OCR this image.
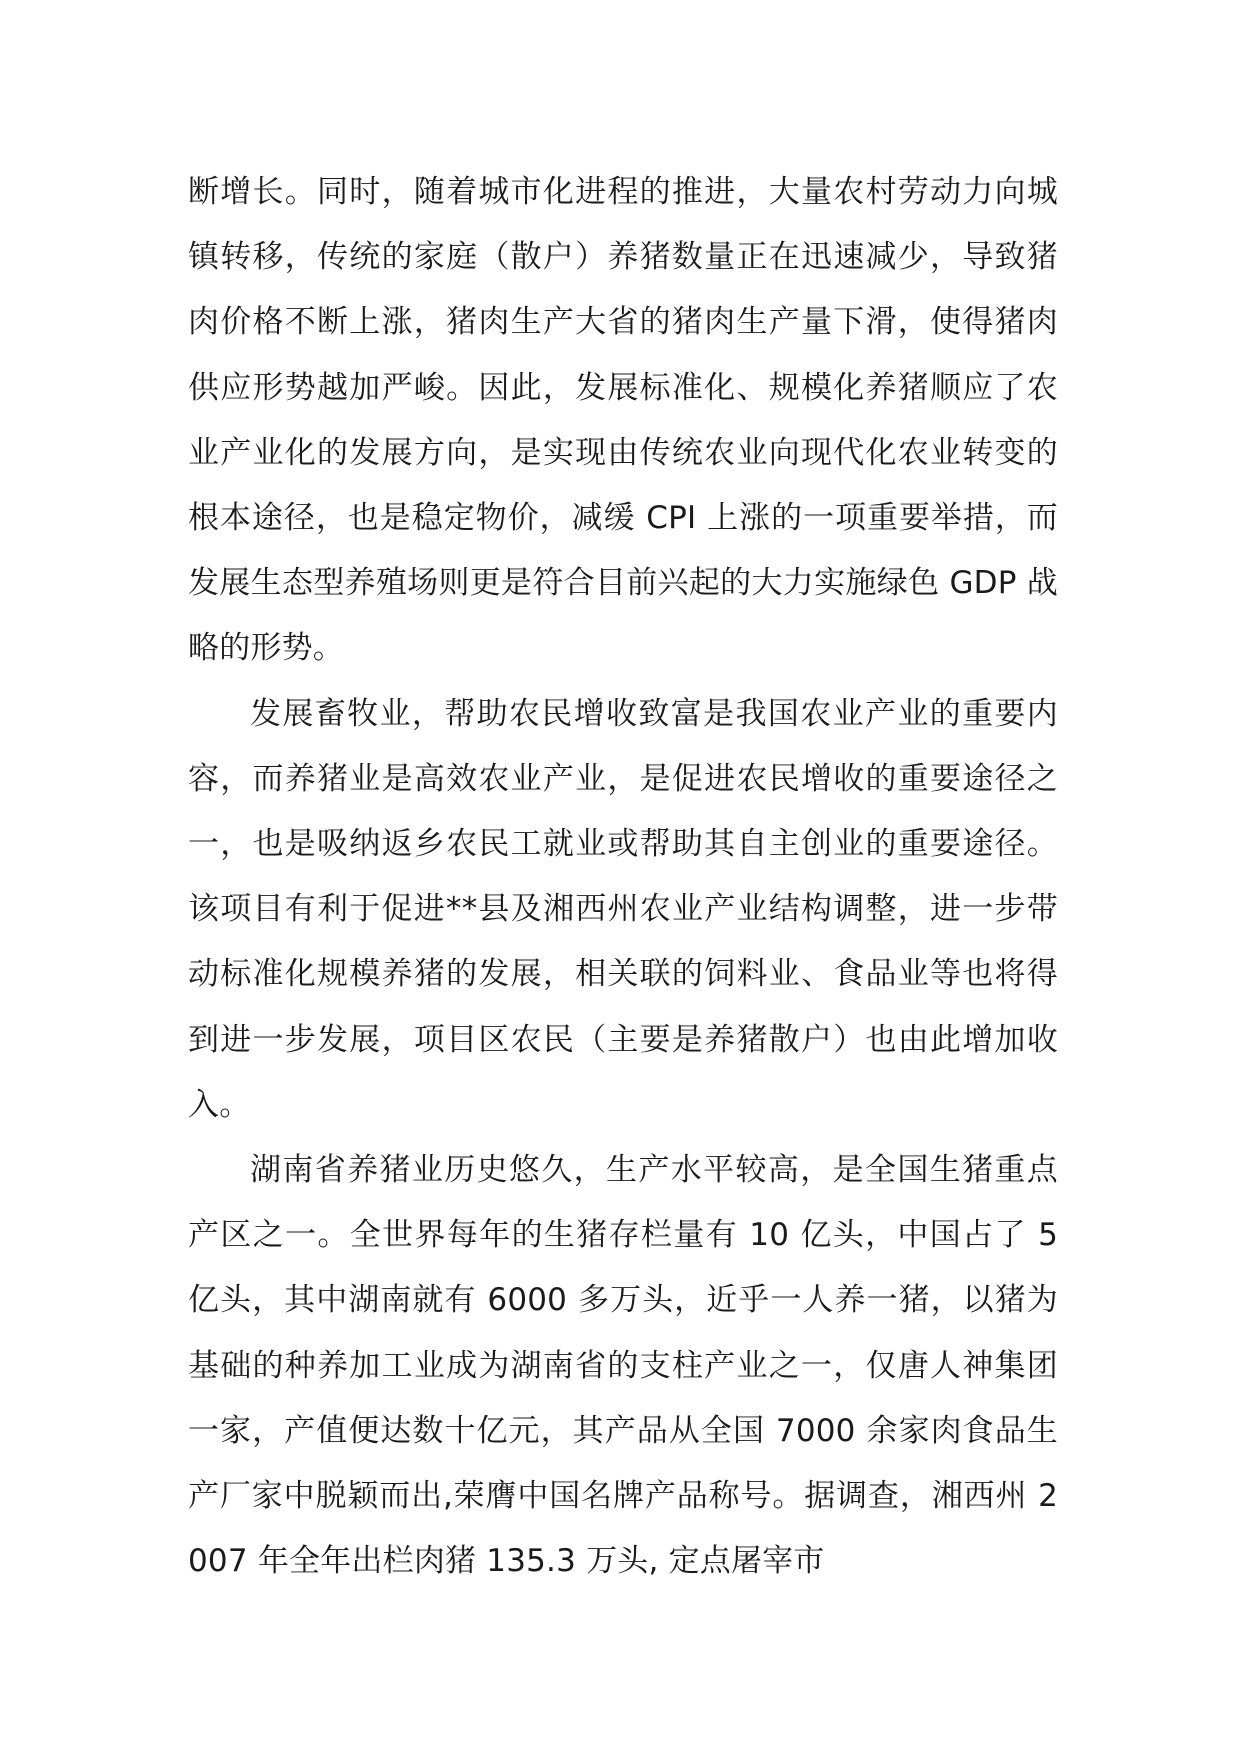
断增长。同时，随着城市化进程的推进，大量农村劳动力向城镇转移，传统的家庭（散户）养猪数量正在迅速减少，导致猪肉价格不断上涨，猪肉生产大省的猪肉生产量下滑，使得猪肉供应形势越加严峻。因此，发展标准化、规模化养猪顺应了农业产业化的发展方向，是实现由传统农业向现代化农业转变的根本途径，也是稳定物价，减缓 CPI 上涨的一项重要举措，而发展生态型养殖场则更是符合目前兴起的大力实施绿色 GDP 战略的形势。

发展畜牧业，帮助农民增收致富是我国农业产业的重要内容，而养猪业是高效农业产业，是促进农民增收的重要途径之一，也是吸纳返乡农民工就业或帮助其自主创业的重要途径。该项目有利于促进**县及湘西州农业产业结构调整，进一步带动标准化规模养猪的发展，相关联的饲料业、食品业等也将得到进一步发展，项目区农民（主要是养猪散户）也由此增加收入。

湖南省养猪业历史悠久，生产水平较高，是全国生猪重点产区之一。全世界每年的生猪存栏量有 10 亿头，中国占了 5 亿头，其中湖南就有 6000 多万头，近乎一人养一猪，以猪为基础的种养加工业成为湖南省的支柱产业之一，仅唐人神集团一家，产值便达数十亿元，其产品从全国 7000 余家肉食品生产厂家中脱颖而出,荣膺中国名牌产品称号。据调查，湘西州 2007 年全年出栏肉猪 135.3 万头, 定点屠宰市
